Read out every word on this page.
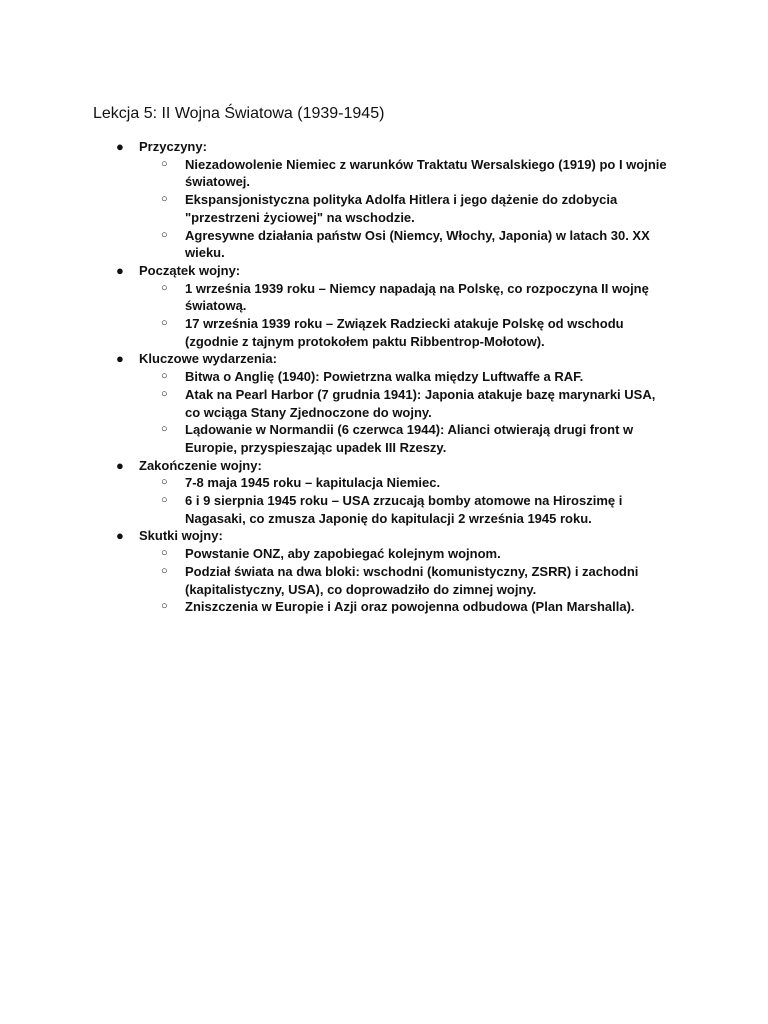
Lekcja 5: II Wojna Światowa (1939-1945)
● Przyczyny:
○ Niezadowolenie Niemiec z warunków Traktatu Wersalskiego (1919) po I wojnie światowej.
○ Ekspansjonistyczna polityka Adolfa Hitlera i jego dążenie do zdobycia "przestrzeni życiowej" na wschodzie.
○ Agresywne działania państw Osi (Niemcy, Włochy, Japonia) w latach 30. XX wieku.
● Początek wojny:
○ 1 września 1939 roku – Niemcy napadają na Polskę, co rozpoczyna II wojnę światową.
○ 17 września 1939 roku – Związek Radziecki atakuje Polskę od wschodu (zgodnie z tajnym protokołem paktu Ribbentrop-Mołotow).
● Kluczowe wydarzenia:
○ Bitwa o Anglię (1940): Powietrzna walka między Luftwaffe a RAF.
○ Atak na Pearl Harbor (7 grudnia 1941): Japonia atakuje bazę marynarki USA, co wciąga Stany Zjednoczone do wojny.
○ Lądowanie w Normandii (6 czerwca 1944): Alianci otwierają drugi front w Europie, przyspieszając upadek III Rzeszy.
● Zakończenie wojny:
○ 7-8 maja 1945 roku – kapitulacja Niemiec.
○ 6 i 9 sierpnia 1945 roku – USA zrzucają bomby atomowe na Hiroszimę i Nagasaki, co zmusza Japonię do kapitulacji 2 września 1945 roku.
● Skutki wojny:
○ Powstanie ONZ, aby zapobiegać kolejnym wojnom.
○ Podział świata na dwa bloki: wschodni (komunistyczny, ZSRR) i zachodni (kapitalistyczny, USA), co doprowadziło do zimnej wojny.
○ Zniszczenia w Europie i Azji oraz powojenna odbudowa (Plan Marshalla).
